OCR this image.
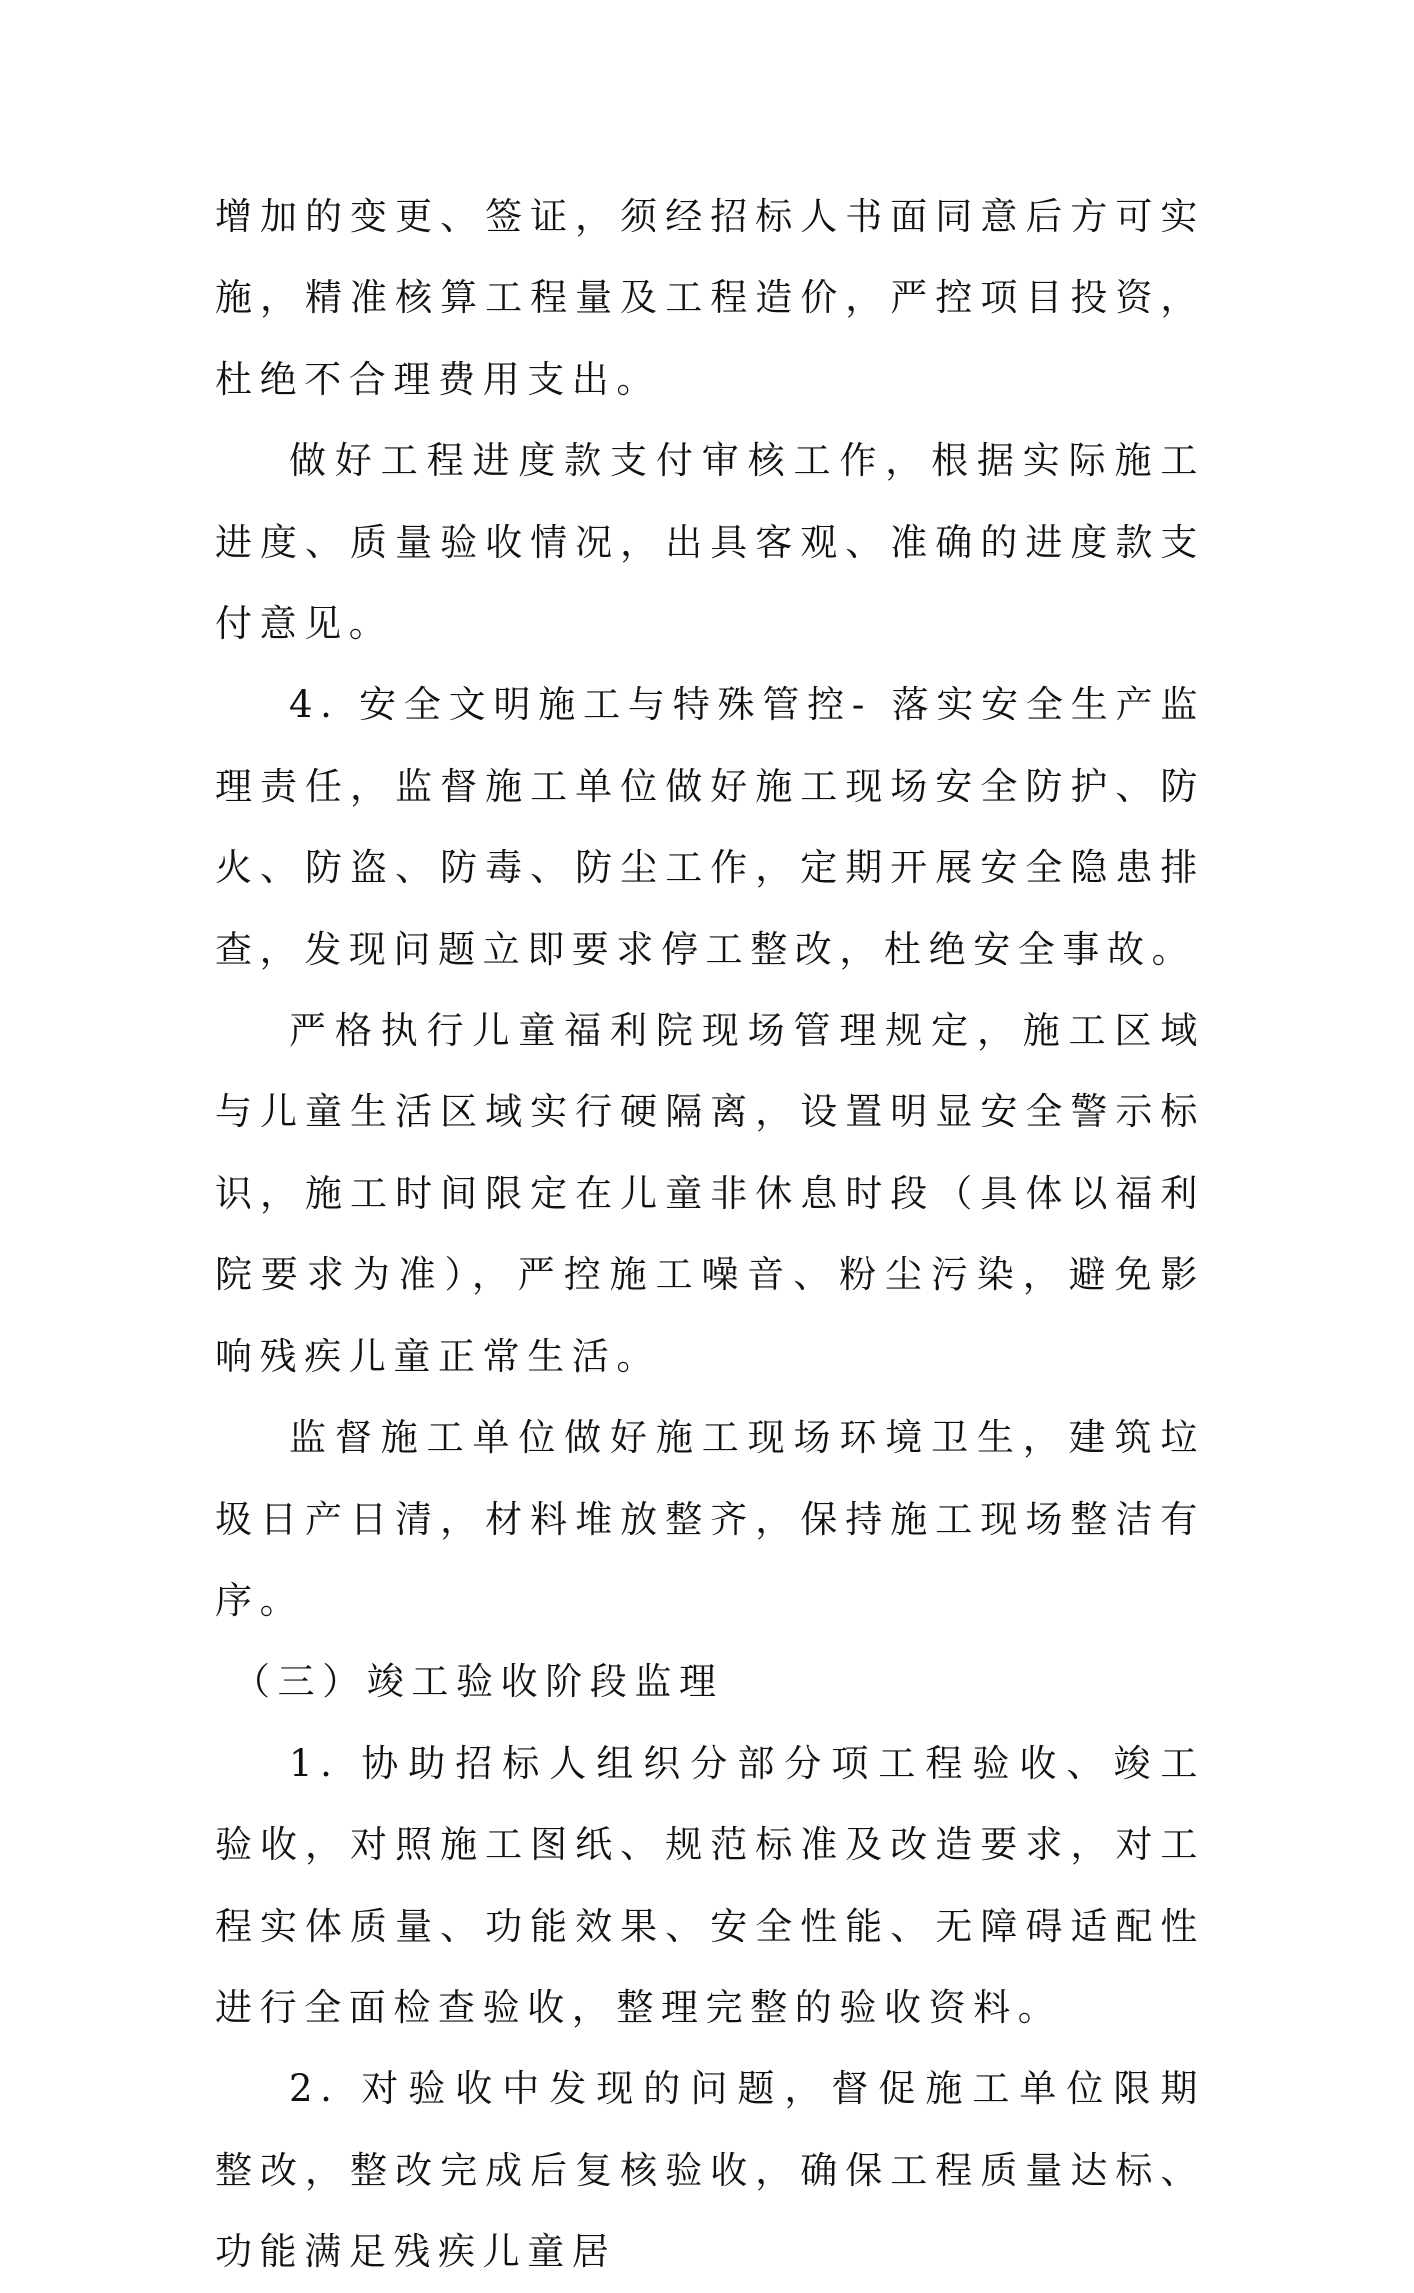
增加的变更、签证，须经招标人书面同意后方可实施，精准核算工程量及工程造价，严控项目投资，杜绝不合理费用支出。

做好工程进度款支付审核工作，根据实际施工进度、质量验收情况，出具客观、准确的进度款支付意见。

4. 安全文明施工与特殊管控- 落实安全生产监理责任，监督施工单位做好施工现场安全防护、防火、防盗、防毒、防尘工作，定期开展安全隐患排查，发现问题立即要求停工整改，杜绝安全事故。

严格执行儿童福利院现场管理规定，施工区域与儿童生活区域实行硬隔离，设置明显安全警示标识，施工时间限定在儿童非休息时段（具体以福利院要求为准），严控施工噪音、粉尘污染，避免影响残疾儿童正常生活。

监督施工单位做好施工现场环境卫生，建筑垃圾日产日清，材料堆放整齐，保持施工现场整洁有序。

（三）竣工验收阶段监理

1. 协助招标人组织分部分项工程验收、竣工验收，对照施工图纸、规范标准及改造要求，对工程实体质量、功能效果、安全性能、无障碍适配性进行全面检查验收，整理完整的验收资料。

2. 对验收中发现的问题，督促施工单位限期整改，整改完成后复核验收，确保工程质量达标、功能满足残疾儿童居
